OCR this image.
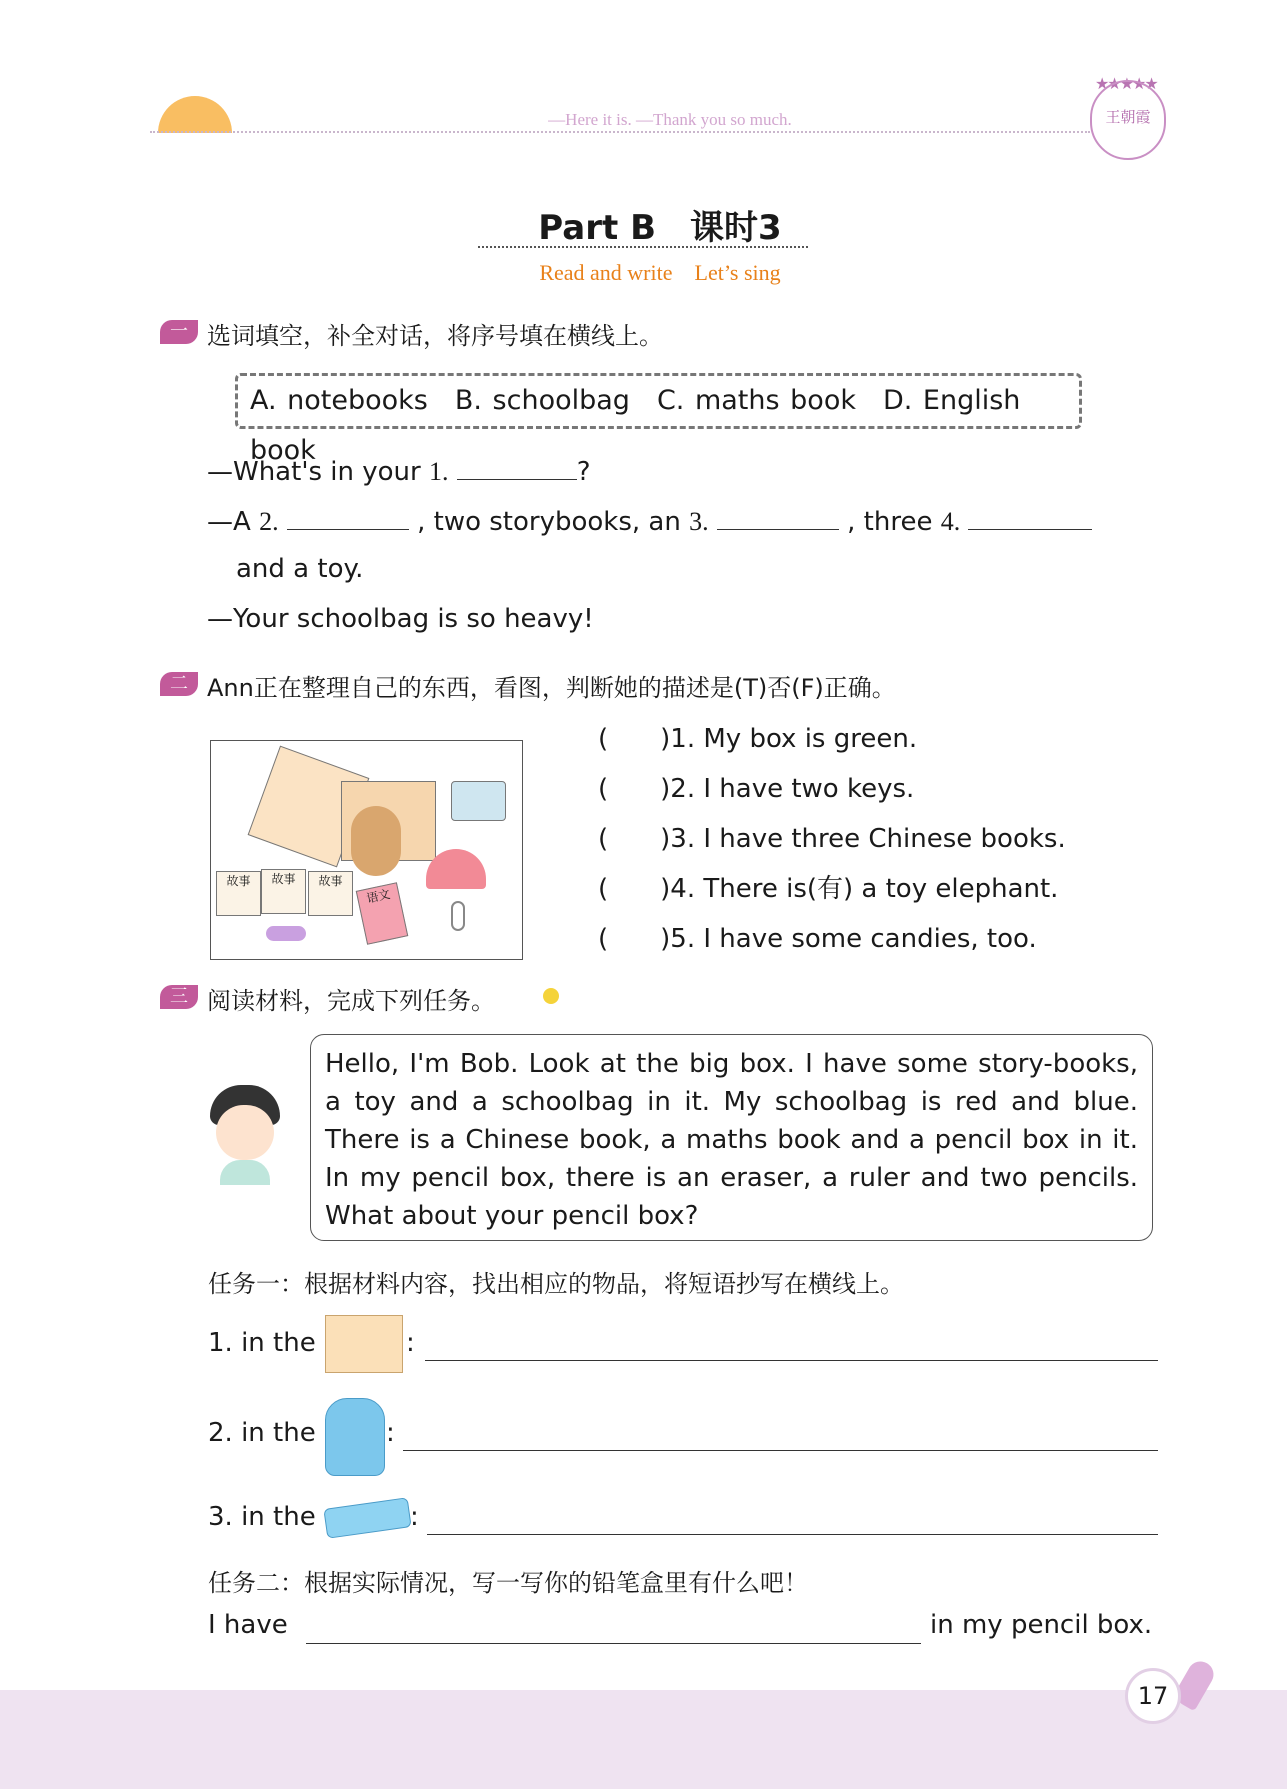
—Here it is. —Thank you so much.
★★★★★
王朝霞
Part B　课时3
Read and write　Let’s sing
一 选词填空，补全对话，将序号填在横线上。
A. notebooks　B. schoolbag　C. maths book　D. English book
—What's in your 1.	?
—A 2.	, two storybooks, an 3.	, three 4.
and a toy.
—Your schoolbag is so heavy!
二 Ann正在整理自己的东西，看图，判断她的描述是(T)否(F)正确。
故事	故事	故事
语文
(　　)1. My box is green.
(　　)2. I have two keys.
(　　)3. I have three Chinese books.
(　　)4. There is(有) a toy elephant.
(　　)5. I have some candies, too.
三 阅读材料，完成下列任务。
Hello, I'm Bob. Look at the big box. I have some story-books, a toy and a schoolbag in it. My schoolbag is red and blue. There is a Chinese book, a maths book and a pencil box in it. In my pencil box, there is an eraser, a ruler and two pencils. What about your pencil box?
任务一：根据材料内容，找出相应的物品，将短语抄写在横线上。
1. in the	:
2. in the	:
3. in the	:
任务二：根据实际情况，写一写你的铅笔盒里有什么吧！
I have	in my pencil box.
17
